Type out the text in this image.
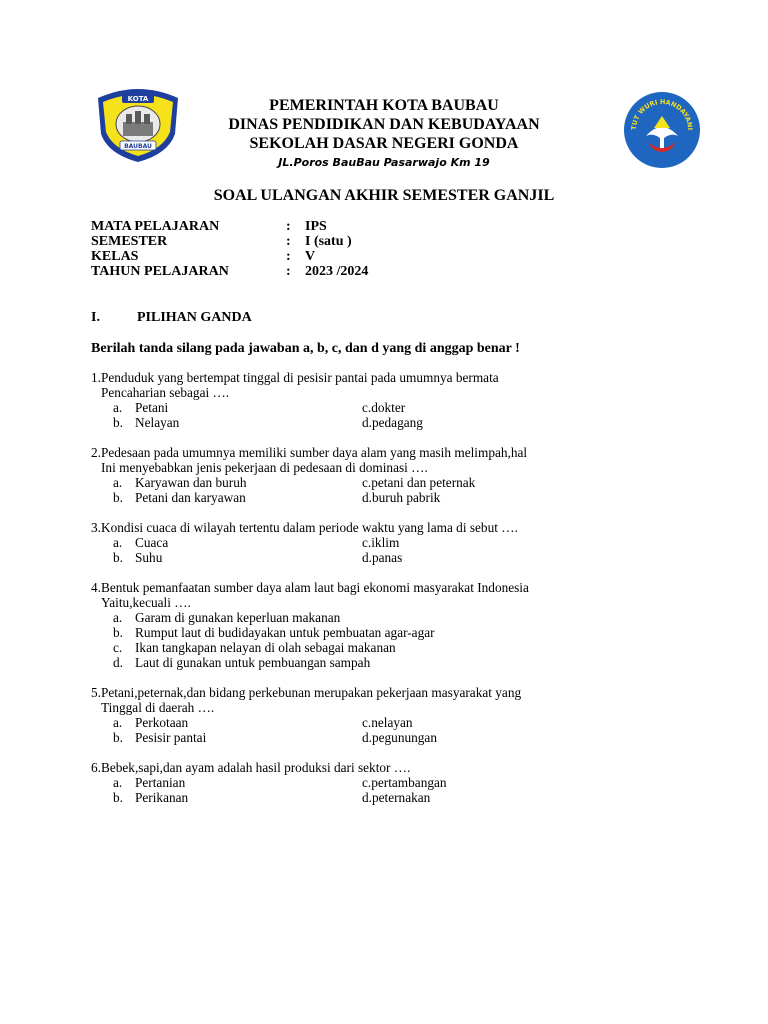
KOTA
BAUBAU
PEMERINTAH KOTA BAUBAU
DINAS PENDIDIKAN DAN KEBUDAYAAN
SEKOLAH DASAR NEGERI GONDA
JL.Poros BauBau Pasarwajo Km 19
TUT WURI HANDAYANI
SOAL ULANGAN AKHIR SEMESTER GANJIL
MATA PELAJARAN	: IPS
SEMESTER	: I (satu )
KELAS	: V
TAHUN PELAJARAN	: 2023 /2024
I.	PILIHAN GANDA
Berilah tanda silang pada jawaban a, b, c, dan d yang di anggap benar !
1.Penduduk yang bertempat tinggal di pesisir pantai pada umumnya bermata
Pencaharian sebagai ….
a. Petani	c.dokter
b. Nelayan	d.pedagang
2.Pedesaan pada umumnya memiliki sumber daya alam yang masih melimpah,hal
Ini menyebabkan jenis pekerjaan di pedesaan di dominasi ….
a. Karyawan dan buruh	c.petani dan peternak
b. Petani dan karyawan	d.buruh pabrik
3.Kondisi cuaca di wilayah tertentu dalam periode waktu yang lama di sebut ….
a. Cuaca	c.iklim
b. Suhu	d.panas
4.Bentuk pemanfaatan sumber daya alam laut bagi ekonomi masyarakat Indonesia
Yaitu,kecuali ….
a. Garam di gunakan keperluan makanan
b. Rumput laut di budidayakan untuk pembuatan agar-agar
c. Ikan tangkapan nelayan di olah sebagai makanan
d. Laut di gunakan untuk pembuangan sampah
5.Petani,peternak,dan bidang perkebunan merupakan pekerjaan masyarakat yang
Tinggal di daerah ….
a. Perkotaan	c.nelayan
b. Pesisir pantai	d.pegunungan
6.Bebek,sapi,dan ayam adalah hasil produksi dari sektor ….
a. Pertanian	c.pertambangan
b. Perikanan	d.peternakan
